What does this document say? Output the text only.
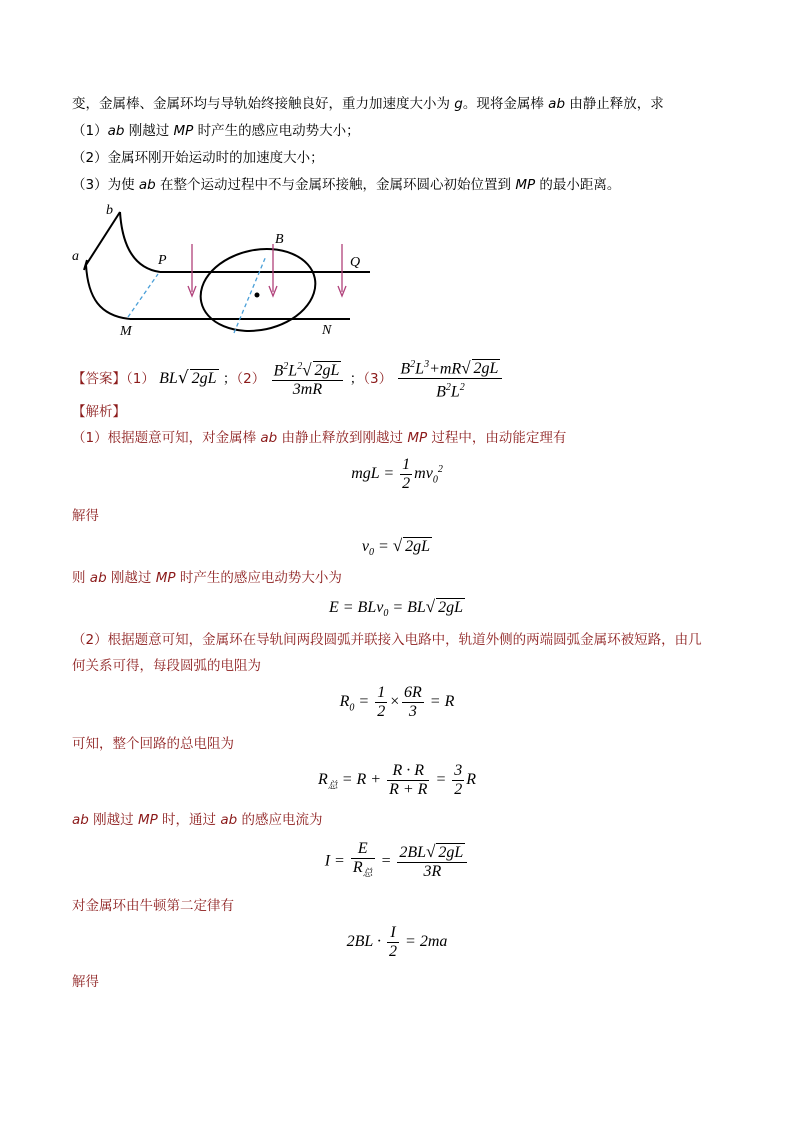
变，金属棒、金属环均与导轨始终接触良好，重力加速度大小为 g。现将金属棒 ab 由静止释放，求
（1）ab 刚越过 MP 时产生的感应电动势大小；
（2）金属环刚开始运动时的加速度大小；
（3）为使 ab 在整个运动过程中不与金属环接触，金属环圆心初始位置到 MP 的最小距离。
a
b
P
B
Q
M	N
【答案】（1） BL√ 2gL ；$(2) \frac{B^2L^2√ 2gL}{3mR}$ ；$(3) \frac{B^2L^3+mR√ 2gL}{B^2L^2}$
【解析】
（1）根据题意可知，对金属棒 ab 由静止释放到刚越过 MP 过程中，由动能定理有
mgL = $\frac{1}{2} mv_0^2$
解得
$v_0$ = √ 2gL
则 ab 刚越过 MP 时产生的感应电动势大小为
E = BLv$_0$ = BL√ 2gL
（2）根据题意可知，金属环在导轨间两段圆弧并联接入电路中，轨道外侧的两端圆弧金属环被短路，由几
何关系可得，每段圆弧的电阻为
$R_0 = \frac{1}{2} \times \frac{6R}{3} = R$
可知，整个回路的总电阻为
$R_总 = R + \frac{R \cdot R}{R + R} = \frac{3}{2}$ R
ab 刚越过 MP 时，通过 ab 的感应电流为
$I = \frac{E}{R_总} = \frac{2BL√ 2gL}{3R}$
对金属环由牛顿第二定律有
$2BL \cdot \frac{I}{2} = 2ma$
解得
